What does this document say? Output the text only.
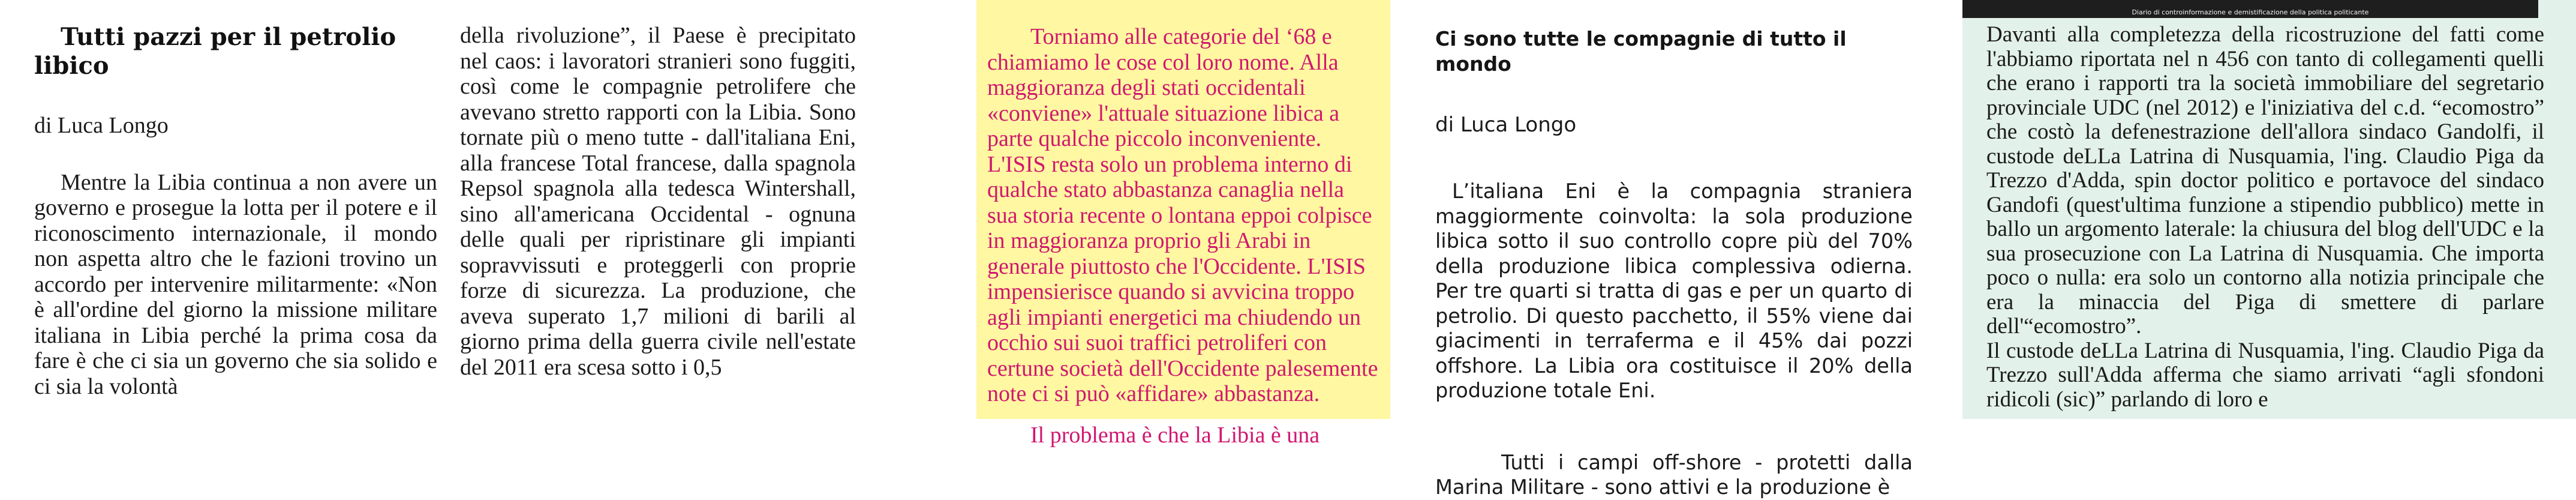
Tutti pazzi per il petrolio libico

di Luca Longo

Mentre la Libia continua a non avere un governo e prosegue la lotta per il potere e il riconoscimento internazionale, il mondo non aspetta altro che le fazioni trovino un accordo per intervenire militarmente: «Non è all'ordine del giorno la missione militare italiana in Libia perché la prima cosa da fare è che ci sia un governo che sia solido e ci sia la volontà

della rivoluzione”, il Paese è precipitato nel caos: i lavoratori stranieri sono fuggiti, così come le compagnie petrolifere che avevano stretto rapporti con la Libia. Sono tornate più o meno tutte - dall'italiana Eni, alla francese Total francese, dalla spagnola Repsol spagnola alla tedesca Wintershall, sino all'americana Occidental - ognuna delle quali per ripristinare gli impianti sopravvissuti e proteggerli con proprie forze di sicurezza. La produzione, che aveva superato 1,7 milioni di barili al giorno prima della guerra civile nell'estate del 2011 era scesa sotto i 0,5

Torniamo alle categorie del ‘68 e chiamiamo le cose col loro nome. Alla maggioranza degli stati occidentali «conviene» l'attuale situazione libica a parte qualche piccolo inconveniente. L'ISIS resta solo un problema interno di qualche stato abbastanza canaglia nella sua storia recente o lontana eppoi colpisce in maggioranza proprio gli Arabi in generale piuttosto che l'Occidente. L'ISIS impensierisce quando si avvicina troppo agli impianti energetici ma chiudendo un occhio sui suoi traffici petroliferi con certune società dell'Occidente palesemente note ci si può «affidare» abbastanza.

Il problema è che la Libia è una

Ci sono tutte le compagnie di tutto il mondo

di Luca Longo

L’italiana Eni è la compagnia straniera maggiormente coinvolta: la sola produzione libica sotto il suo controllo copre più del 70% della produzione libica complessiva odierna. Per tre quarti si tratta di gas e per un quarto di petrolio. Di questo pacchetto, il 55% viene dai giacimenti in terraferma e il 45% dai pozzi offshore. La Libia ora costituisce il 20% della produzione totale Eni.

Tutti i campi off-shore - protetti dalla Marina Militare - sono attivi e la produzione è

Diario di controinformazione e demistificazione della politica politicante

Davanti alla completezza della ricostruzione del fatti come l'abbiamo riportata nel n 456 con tanto di collegamenti quelli che erano i rapporti tra la società immobiliare del segretario provinciale UDC (nel 2012) e l'iniziativa del c.d. “ecomostro” che costò la defenestrazione dell'allora sindaco Gandolfi, il custode deLLa Latrina di Nusquamia, l'ing. Claudio Piga da Trezzo d'Adda, spin doctor politico e portavoce del sindaco Gandofi (quest'ultima funzione a stipendio pubblico) mette in ballo un argomento laterale: la chiusura del blog dell'UDC e la sua prosecuzione con La Latrina di Nusquamia. Che importa poco o nulla: era solo un contorno alla notizia principale che era la minaccia del Piga di smettere di parlare dell'“ecomostro”.

Il custode deLLa Latrina di Nusquamia, l'ing. Claudio Piga da Trezzo sull'Adda afferma che siamo arrivati “agli sfondoni ridicoli (sic)” parlando di loro e
